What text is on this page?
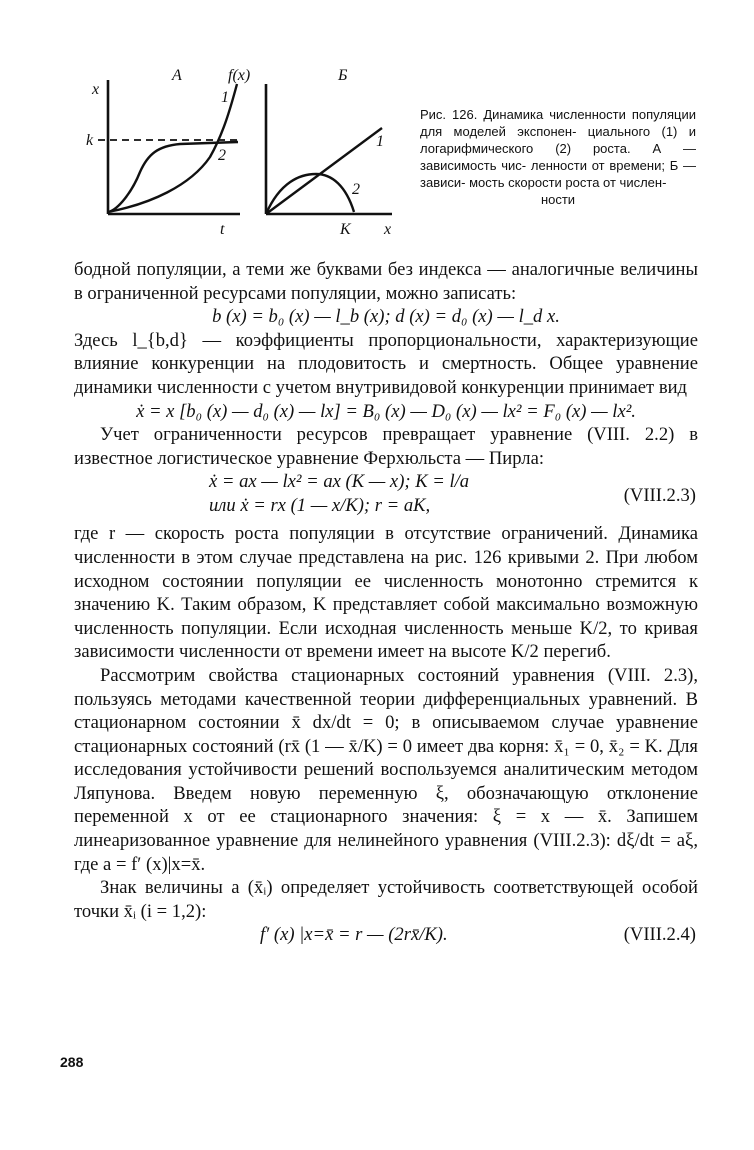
x
A
k
1
2
t
f(x)	Б
1
2
K x
Рис. 126. Динамика численности популяции для моделей экспонен- циального (1) и логарифмического (2) роста. А — зависимость чис- ленности от времени; Б — зависи- мость скорости роста от числен-
ности

бодной популяции, а теми же буквами без индекса — аналогичные величины в ограниченной ресурсами популяции, можно записать:

b (x) = b₀ (x) — l_b (x); d (x) = d₀ (x) — l_d x.

Здесь l_{b,d} — коэффициенты пропорциональности, характеризующие влияние конкуренции на плодовитость и смертность. Общее уравнение динамики численности с учетом внутривидовой конкуренции принимает вид

ẋ = x [b₀ (x) — d₀ (x) — lx] = B₀ (x) — D₀ (x) — lx² = F₀ (x) — lx².

Учет ограниченности ресурсов превращает уравнение (VIII. 2.2) в известное логистическое уравнение Ферхюльста — Пирла:

ẋ = ax — lx² = ax (K — x); K = l/a
или ẋ = rx (1 — x/K); r = aK,	(VIII.2.3)

где r — скорость роста популяции в отсутствие ограничений. Динамика численности в этом случае представлена на рис. 126 кривыми 2. При любом исходном состоянии популяции ее численность монотонно стремится к значению K. Таким образом, K представляет собой максимально возможную численность популяции. Если исходная численность меньше K/2, то кривая зависимости численности от времени имеет на высоте K/2 перегиб.

Рассмотрим свойства стационарных состояний уравнения (VIII. 2.3), пользуясь методами качественной теории дифференциальных уравнений. В стационарном состоянии x̄ dx/dt = 0; в описываемом случае уравнение стационарных состояний (rx̄ (1 — x̄/K) = 0 имеет два корня: x̄₁ = 0, x̄₂ = K. Для исследования устойчивости решений воспользуемся аналитическим методом Ляпунова. Введем новую переменную ξ, обозначающую отклонение переменной x от ее стационарного значения: ξ = x — x̄. Запишем линеаризованное уравнение для нелинейного уравнения (VIII.2.3): dξ/dt = aξ, где a = f′ (x)|x=x̄.

Знак величины a (x̄ᵢ) определяет устойчивость соответствующей особой точки x̄ᵢ (i = 1,2):

f′ (x) |x=x̄ = r — (2rx̄/K).	(VIII.2.4)
288
